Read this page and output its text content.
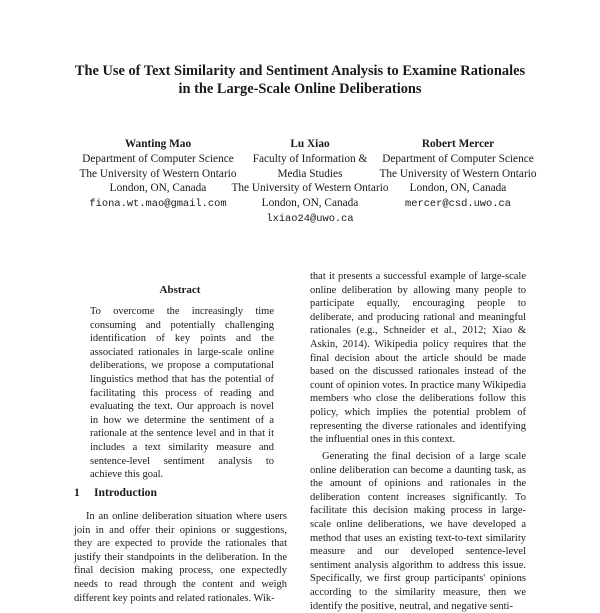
The Use of Text Similarity and Sentiment Analysis to Examine Rationales in the Large-Scale Online Deliberations
Wanting Mao
Department of Computer Science
The University of Western Ontario
London, ON, Canada
fiona.wt.mao@gmail.com
Lu Xiao
Faculty of Information & Media Studies
The University of Western Ontario
London, ON, Canada
lxiao24@uwo.ca
Robert Mercer
Department of Computer Science
The University of Western Ontario
London, ON, Canada
mercer@csd.uwo.ca
Abstract

To overcome the increasingly time consuming and potentially challenging identification of key points and the associated rationales in large-scale online deliberations, we propose a computational linguistics method that has the potential of facilitating this process of reading and evaluating the text. Our approach is novel in how we determine the sentiment of a rationale at the sentence level and in that it includes a text similarity measure and sentence-level sentiment analysis to achieve this goal.

1 Introduction

In an online deliberation situation where users join in and offer their opinions or suggestions, they are expected to provide the rationales that justify their standpoints in the deliberation. In the final decision making process, one expectedly needs to read through the content and weigh different key points and related rationales. Wik-

that it presents a successful example of large-scale online deliberation by allowing many people to participate equally, encouraging people to deliberate, and producing rational and meaningful rationales (e.g., Schneider et al., 2012; Xiao & Askin, 2014). Wikipedia policy requires that the final decision about the article should be made based on the discussed rationales instead of the count of opinion votes. In practice many Wikipedia members who close the deliberations follow this policy, which implies the potential problem of representing the diverse rationales and identifying the influential ones in this context.

Generating the final decision of a large scale online deliberation can become a daunting task, as the amount of opinions and rationales in the deliberation content increases significantly. To facilitate this decision making process in large-scale online deliberations, we have developed a method that uses an existing text-to-text similarity measure and our developed sentence-level sentiment analysis algorithm to address this issue. Specifically, we first group participants' opinions according to the similarity measure, then we identify the positive, neutral, and negative senti-
